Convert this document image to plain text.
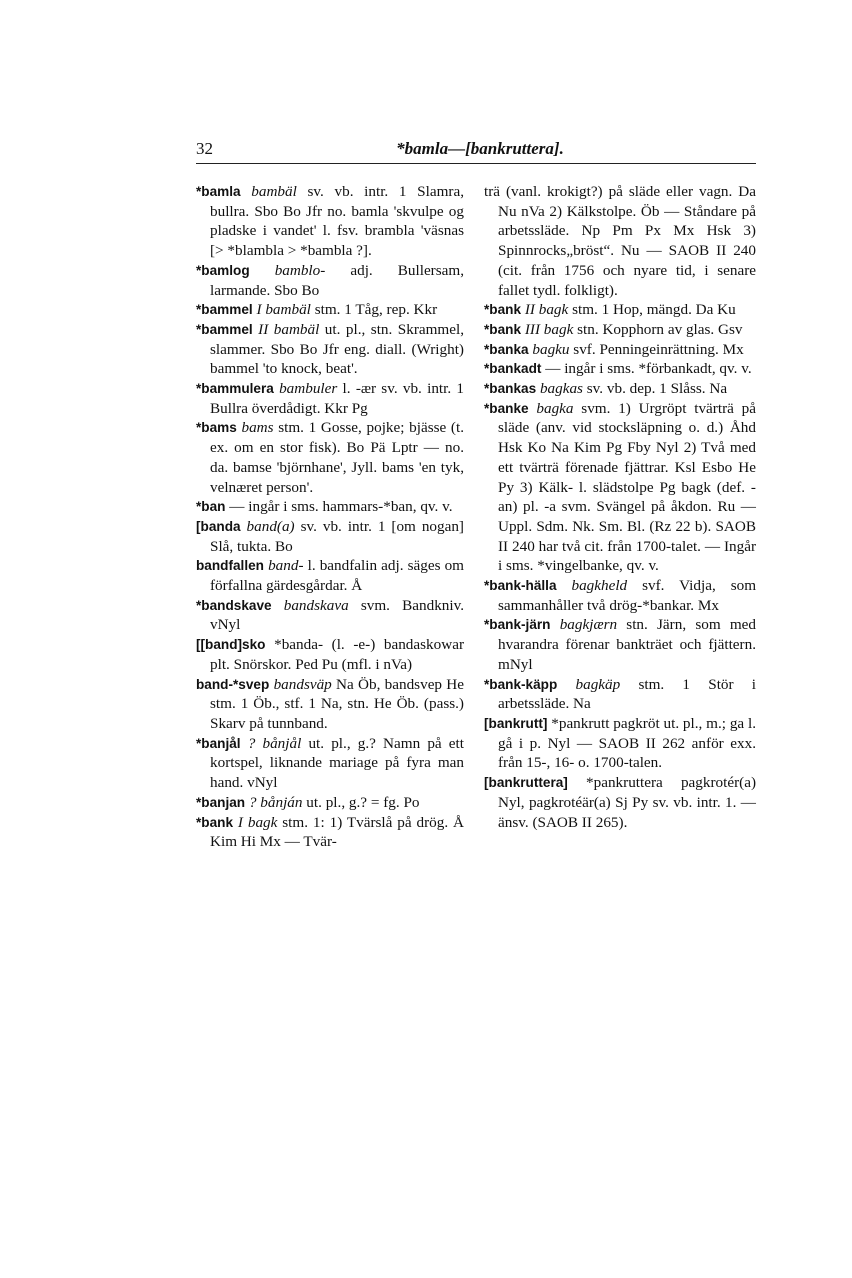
32	*bamla—[bankruttera].

*bamla bambäl sv. vb. intr. 1 Slamra, bullra. Sbo Bo Jfr no. bamla 'skvulpe og pladske i vandet' l. fsv. brambla 'väsnas [> *blambla > *bambla ?].

*bamlog bamblo- adj. Bullersam, larmande. Sbo Bo

*bammel I bambäl stm. 1 Tåg, rep. Kkr

*bammel II bambäl ut. pl., stn. Skrammel, slammer. Sbo Bo Jfr eng. diall. (Wright) bammel 'to knock, beat'.

*bammulera bambuler l. -ær sv. vb. intr. 1 Bullra överdådigt. Kkr Pg

*bams bams stm. 1 Gosse, pojke; bjässe (t. ex. om en stor fisk). Bo Pä Lptr — no. da. bamse 'björnhane', Jyll. bams 'en tyk, velnæret person'.

*ban — ingår i sms. hammars-*ban, qv. v.

[banda band(a) sv. vb. intr. 1 [om nogan] Slå, tukta. Bo

bandfallen band- l. bandfalin adj. säges om förfallna gärdesgårdar. Å

*bandskave bandskava svm. Bandkniv. vNyl

[[band]sko *banda- (l. -e-) bandaskowar plt. Snörskor. Ped Pu (mfl. i nVa)

band-*svep bandsväp Na Öb, bandsvep He stm. 1 Öb., stf. 1 Na, stn. He Öb. (pass.) Skarv på tunnband.

*banjål ? bånjål ut. pl., g.? Namn på ett kortspel, liknande mariage på fyra man hand. vNyl

*banjan ? bånján ut. pl., g.? = fg. Po

*bank I bagk stm. 1: 1) Tvärslå på drög. Å Kim Hi Mx — Tvär-

trä (vanl. krokigt?) på släde eller vagn. Da Nu nVa 2) Kälkstolpe. Öb — Ståndare på arbetssläde. Np Pm Px Mx Hsk 3) Spinnrocks„bröst“. Nu — SAOB II 240 (cit. från 1756 och nyare tid, i senare fallet tydl. folkligt).

*bank II bagk stm. 1 Hop, mängd. Da Ku

*bank III bagk stn. Kopphorn av glas. Gsv

*banka bagku svf. Penningeinrättning. Mx

*bankadt — ingår i sms. *förbankadt, qv. v.

*bankas bagkas sv. vb. dep. 1 Slåss. Na

*banke bagka svm. 1) Urgröpt tvärträ på släde (anv. vid stocksläpning o. d.) Åhd Hsk Ko Na Kim Pg Fby Nyl 2) Två med ett tvärträ förenade fjättrar. Ksl Esbo He Py 3) Kälk- l. slädstolpe Pg bagk (def. -an) pl. -a svm. Svängel på åkdon. Ru — Uppl. Sdm. Nk. Sm. Bl. (Rz 22 b). SAOB II 240 har två cit. från 1700-talet. — Ingår i sms. *vingelbanke, qv. v.

*bank-hälla bagkheld svf. Vidja, som sammanhåller två drög-*bankar. Mx

*bank-järn bagkjærn stn. Järn, som med hvarandra förenar bankträet och fjättern. mNyl

*bank-käpp bagkäp stm. 1 Stör i arbetssläde. Na

[bankrutt] *pankrutt pagkröt ut. pl., m.; ga l. gå i p. Nyl — SAOB II 262 anför exx. från 15-, 16- o. 1700-talen.

[bankruttera] *pankruttera pagkrotér(a) Nyl, pagkrotéär(a) Sj Py sv. vb. intr. 1. — änsv. (SAOB II 265).
